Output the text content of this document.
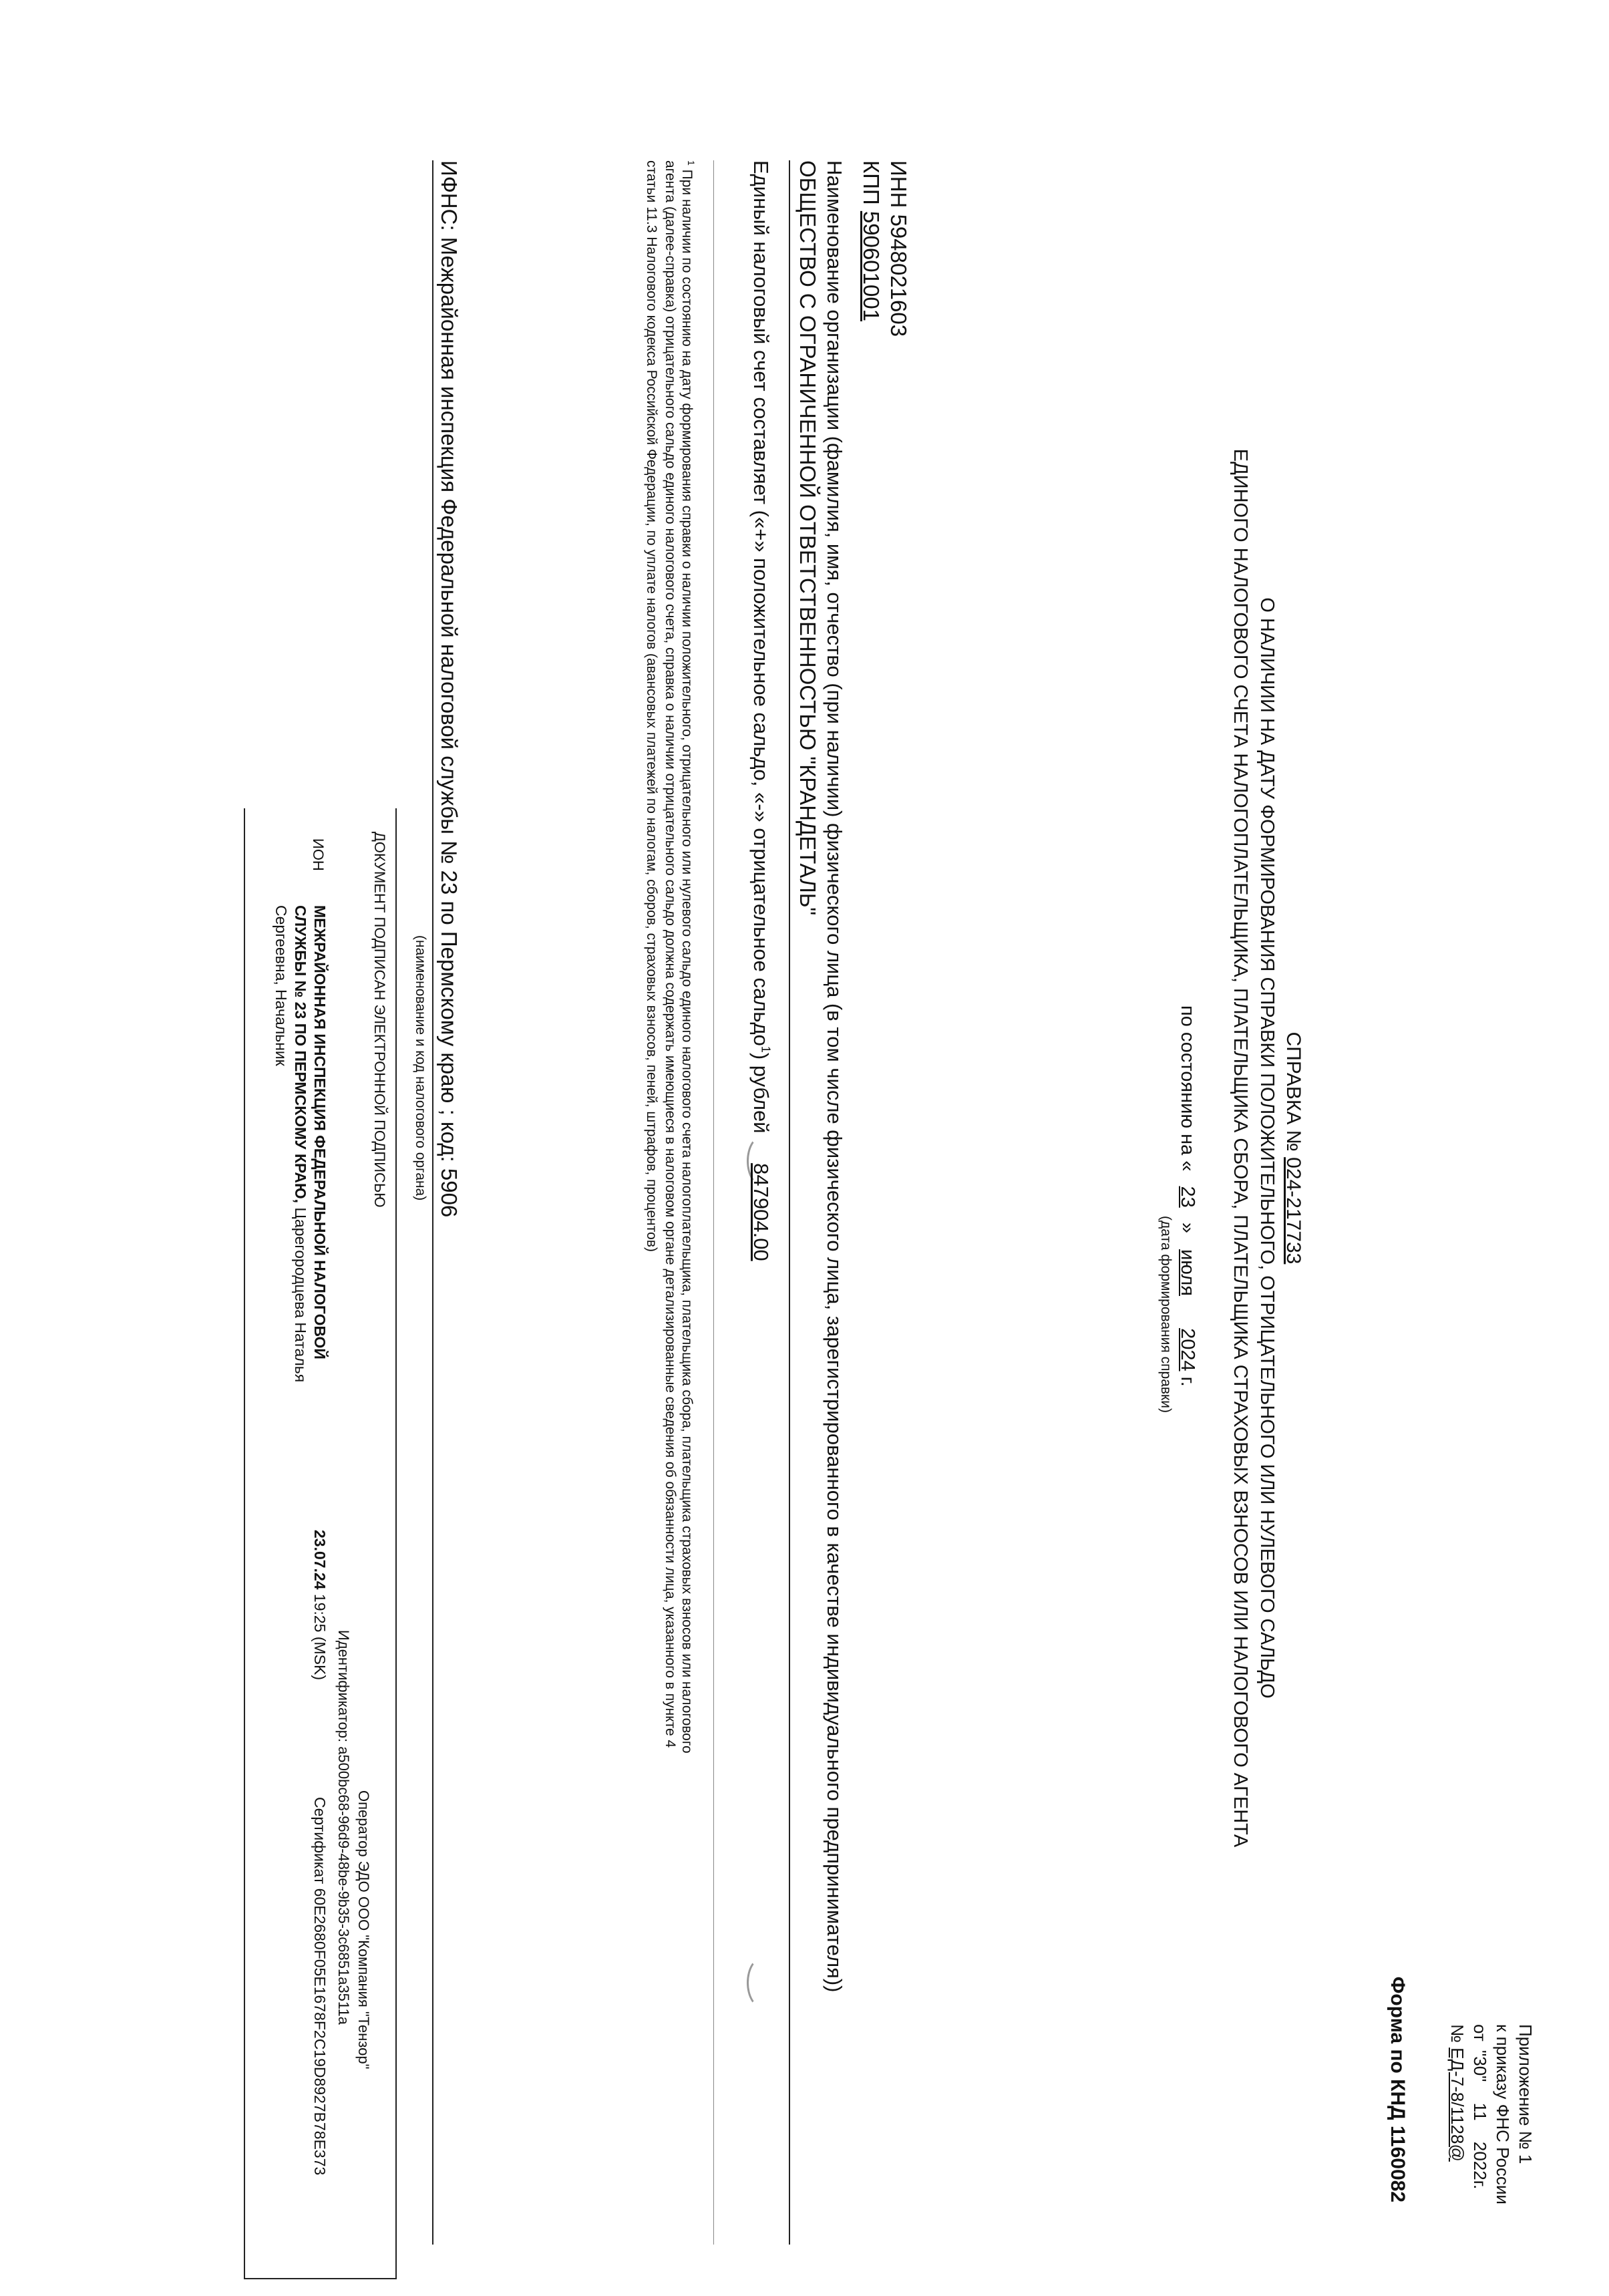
Форма по КНД 1160082	Приложение № 1
к приказу ФНС России
от "30" 11 2022г.
№ ЕД-7-8/1128@
СПРАВКА № 024-217733
О НАЛИЧИИ НА ДАТУ ФОРМИРОВАНИЯ СПРАВКИ ПОЛОЖИТЕЛЬНОГО, ОТРИЦАТЕЛЬНОГО ИЛИ НУЛЕВОГО САЛЬДО
ЕДИНОГО НАЛОГОВОГО СЧЕТА НАЛОГОПЛАТЕЛЬЩИКА, ПЛАТЕЛЬЩИКА СБОРА, ПЛАТЕЛЬЩИКА СТРАХОВЫХ ВЗНОСОВ ИЛИ НАЛОГОВОГО АГЕНТА
по состоянию на « 23 » июля 2024 г.
(дата формирования справки)
ИНН 5948021603
КПП 590601001
Наименование организации (фамилия, имя, отчество (при наличии) физического лица (в том числе физического лица, зарегистрированного в качестве индивидуального предпринимателя))
ОБЩЕСТВО С ОГРАНИЧЕННОЙ ОТВЕТСТВЕННОСТЬЮ "КРАНДЕТАЛЬ"
Единый налоговый счет составляет («+» положительное сальдо, «-» отрицательное сальдо$^1$) рублей 847904.00
$^1$ При наличии по состоянию на дату формирования справки о наличии положительного, отрицательного или нулевого сальдо единого налогового счета налогоплательщика, плательщика сбора, плательщика страховых взносов или налогового
агента (далее-справка) отрицательного сальдо единого налогового счета, справка о наличии отрицательного сальдо должна содержать имеющиеся в налоговом органе детализированные сведения об обязанности лица, указанного в пункте 4
статьи 11.3 Налогового кодекса Российской Федерации, по уплате налогов (авансовых платежей по налогам, сборов, страховых взносов, пеней, штрафов, процентов)
ИФНС: Межрайонная инспекция Федеральной налоговой службы № 23 по Пермскому краю ; код: 5906
(наименование и код налогового органа)
ДОКУМЕНТ ПОДПИСАН ЭЛЕКТРОННОЙ ПОДПИСЬЮ
Оператор ЭДО ООО "Компания "Тензор"
Идентификатор: a500bc68-96d9-48be-9b35-3c6851a3511a
ИОН
МЕЖРАЙОННАЯ ИНСПЕКЦИЯ ФЕДЕРАЛЬНОЙ НАЛОГОВОЙ
СЛУЖБЫ № 23 ПО ПЕРМСКОМУ КРАЮ, Царегородцева Наталья
Сергеевна, Начальник
23.07.24 19:25 (MSK)
Сертификат 60E2680F05E1678F2C19D8927B78E373
